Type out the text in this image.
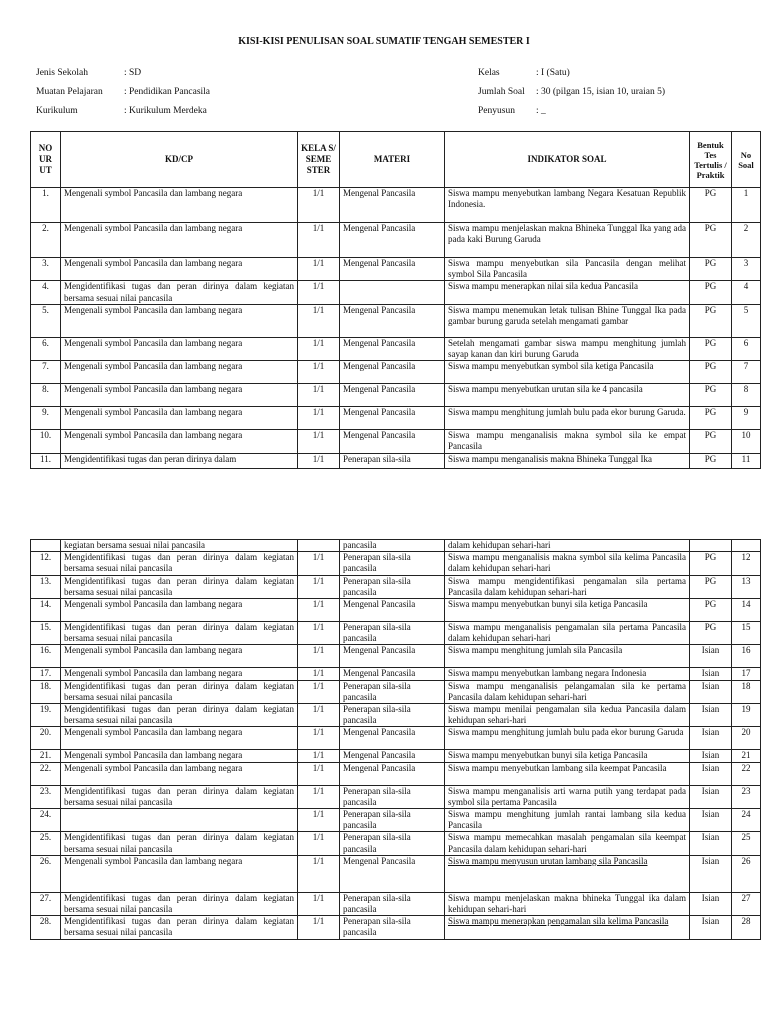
KISI-KISI PENULISAN SOAL SUMATIF TENGAH SEMESTER I
Jenis Sekolah	: SD
Muatan Pelajaran : Pendidikan Pancasila
Kurikulum	: Kurikulum Merdeka
Kelas	: I (Satu)
Jumlah Soal : 30 (pilgan 15, isian 10, uraian 5)
Penyusun : _
NO UR UT	KD/CP	KELA S/ SEME STER	MATERI	INDIKATOR SOAL	Bentuk Tes Tertulis / Praktik	No Soal
1.	Mengenali symbol Pancasila dan lambang negara	1/1	Mengenal Pancasila	Siswa mampu menyebutkan lambang Negara Kesatuan Republik Indonesia.	PG	1
2.	Mengenali symbol Pancasila dan lambang negara	1/1	Mengenal Pancasila	Siswa mampu menjelaskan makna Bhineka Tunggal Ika yang ada pada kaki Burung Garuda	PG	2
3.	Mengenali symbol Pancasila dan lambang negara	1/1	Mengenal Pancasila	Siswa mampu menyebutkan sila Pancasila dengan melihat symbol Sila Pancasila	PG	3
4.	Mengidentifikasi tugas dan peran dirinya dalam kegiatan bersama sesuai nilai pancasila	1/1		Siswa mampu menerapkan nilai sila kedua Pancasila	PG	4
5.	Mengenali symbol Pancasila dan lambang negara	1/1	Mengenal Pancasila	Siswa mampu menemukan letak tulisan Bhine Tunggal Ika pada gambar burung garuda setelah mengamati gambar	PG	5
6.	Mengenali symbol Pancasila dan lambang negara	1/1	Mengenal Pancasila	Setelah mengamati gambar siswa mampu menghitung jumlah sayap kanan dan kiri burung Garuda	PG	6
7.	Mengenali symbol Pancasila dan lambang negara	1/1	Mengenal Pancasila	Siswa mampu menyebutkan symbol sila ketiga Pancasila	PG	7
8.	Mengenali symbol Pancasila dan lambang negara	1/1	Mengenal Pancasila	Siswa mampu menyebutkan urutan sila ke 4 pancasila	PG	8
9.	Mengenali symbol Pancasila dan lambang negara	1/1	Mengenal Pancasila	Siswa mampu menghitung jumlah bulu pada ekor burung Garuda.	PG	9
10.	Mengenali symbol Pancasila dan lambang negara	1/1	Mengenal Pancasila	Siswa mampu menganalisis makna symbol sila ke empat Pancasila	PG	10
11.	Mengidentifikasi tugas dan peran dirinya dalam	1/1	Penerapan sila-sila	Siswa mampu menganalisis makna Bhineka Tunggal Ika	PG	11
	kegiatan bersama sesuai nilai pancasila		pancasila	dalam kehidupan sehari-hari		
12.	Mengidentifikasi tugas dan peran dirinya dalam kegiatan bersama sesuai nilai pancasila	1/1	Penerapan sila-sila pancasila	Siswa mampu menganalisis makna symbol sila kelima Pancasila dalam kehidupan sehari-hari	PG	12
13.	Mengidentifikasi tugas dan peran dirinya dalam kegiatan bersama sesuai nilai pancasila	1/1	Penerapan sila-sila pancasila	Siswa mampu mengidentifikasi pengamalan sila pertama Pancasila dalam kehidupan sehari-hari	PG	13
14.	Mengenali symbol Pancasila dan lambang negara	1/1	Mengenal Pancasila	Siswa mampu menyebutkan bunyi sila ketiga Pancasila	PG	14
15.	Mengidentifikasi tugas dan peran dirinya dalam kegiatan bersama sesuai nilai pancasila	1/1	Penerapan sila-sila pancasila	Siswa mampu menganalisis pengamalan sila pertama Pancasila dalam kehidupan sehari-hari	PG	15
16.	Mengenali symbol Pancasila dan lambang negara	1/1	Mengenal Pancasila	Siswa mampu menghitung jumlah sila Pancasila	Isian	16
17.	Mengenali symbol Pancasila dan lambang negara	1/1	Mengenal Pancasila	Siswa mampu menyebutkan lambang negara Indonesia	Isian	17
18.	Mengidentifikasi tugas dan peran dirinya dalam kegiatan bersama sesuai nilai pancasila	1/1	Penerapan sila-sila pancasila	Siswa mampu menganalisis pelangamalan sila ke pertama Pancasila dalam kehidupan sehari-hari	Isian	18
19.	Mengidentifikasi tugas dan peran dirinya dalam kegiatan bersama sesuai nilai pancasila	1/1	Penerapan sila-sila pancasila	Siswa mampu menilai pengamalan sila kedua Pancasila dalam kehidupan sehari-hari	Isian	19
20.	Mengenali symbol Pancasila dan lambang negara	1/1	Mengenal Pancasila	Siswa mampu menghitung jumlah bulu pada ekor burung Garuda	Isian	20
21.	Mengenali symbol Pancasila dan lambang negara	1/1	Mengenal Pancasila	Siswa mampu menyebutkan bunyi sila ketiga Pancasila	Isian	21
22.	Mengenali symbol Pancasila dan lambang negara	1/1	Mengenal Pancasila	Siswa mampu menyebutkan lambang sila keempat Pancasila	Isian	22
23.	Mengidentifikasi tugas dan peran dirinya dalam kegiatan bersama sesuai nilai pancasila	1/1	Penerapan sila-sila pancasila	Siswa mampu menganalisis arti warna putih yang terdapat pada symbol sila pertama Pancasila	Isian	23
24.		1/1	Penerapan sila-sila pancasila	Siswa mampu menghitung jumlah rantai lambang sila kedua Pancasila	Isian	24
25.	Mengidentifikasi tugas dan peran dirinya dalam kegiatan bersama sesuai nilai pancasila	1/1	Penerapan sila-sila pancasila	Siswa mampu memecahkan masalah pengamalan sila keempat Pancasila dalam kehidupan sehari-hari	Isian	25
26.	Mengenali symbol Pancasila dan lambang negara	1/1	Mengenal Pancasila	Siswa mampu menyusun urutan lambang sila Pancasila	Isian	26
27.	Mengidentifikasi tugas dan peran dirinya dalam kegiatan bersama sesuai nilai pancasila	1/1	Penerapan sila-sila pancasila	Siswa mampu menjelaskan makna bhineka Tunggal ika dalam kehidupan sehari-hari	Isian	27
28.	Mengidentifikasi tugas dan peran dirinya dalam kegiatan bersama sesuai nilai pancasila	1/1	Penerapan sila-sila pancasila	Siswa mampu menerapkan pengamalan sila kelima Pancasila	Isian	28
